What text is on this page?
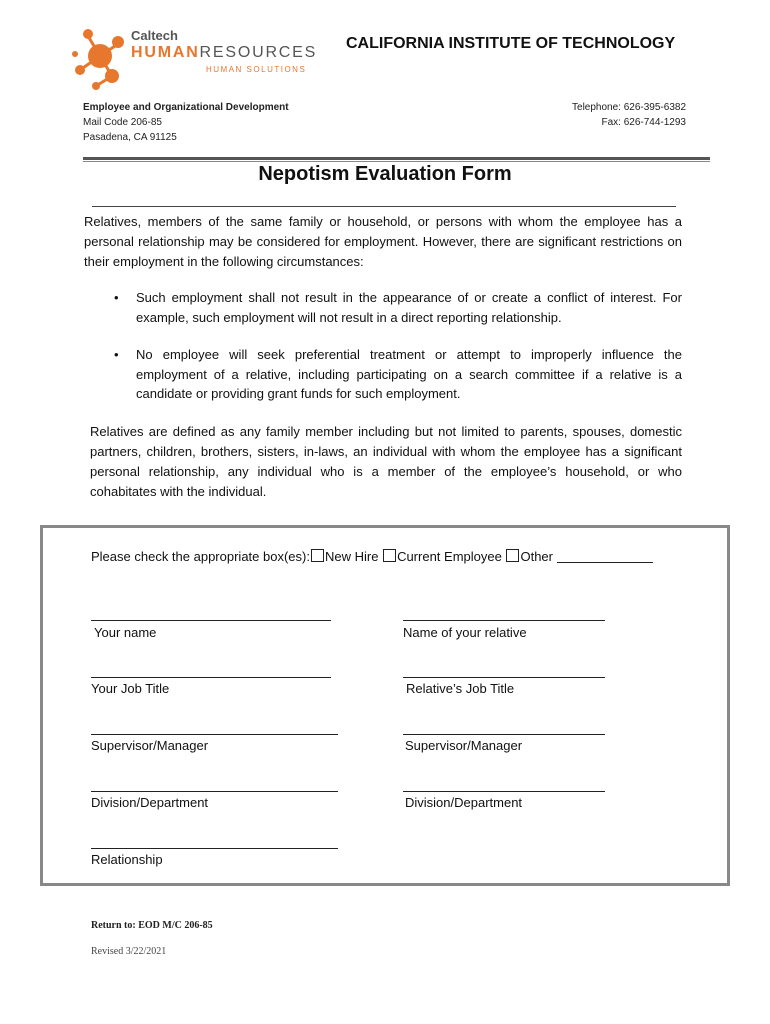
Caltech
HUMANRESOURCES
HUMAN SOLUTIONS
CALIFORNIA INSTITUTE OF TECHNOLOGY
Employee and Organizational Development
Mail Code 206-85
Pasadena, CA 91125
Telephone: 626-395-6382
Fax: 626-744-1293
Nepotism Evaluation Form
Relatives, members of the same family or household, or persons with whom the employee has a personal relationship may be considered for employment. However, there are significant restrictions on their employment in the following circumstances:
• Such employment shall not result in the appearance of or create a conflict of interest. For example, such employment will not result in a direct reporting relationship.
• No employee will seek preferential treatment or attempt to improperly influence the employment of a relative, including participating on a search committee if a relative is a candidate or providing grant funds for such employment.
Relatives are defined as any family member including but not limited to parents, spouses, domestic partners, children, brothers, sisters, in-laws, an individual with whom the employee has a significant personal relationship, any individual who is a member of the employee’s household, or who cohabitates with the individual.
Please check the appropriate box(es): New Hire Current Employee Other
Your name
Your Job Title
Supervisor/Manager
Division/Department
Relationship
Name of your relative
Relative’s Job Title
Supervisor/Manager
Division/Department
Return to: EOD M/C 206-85
Revised 3/22/2021
